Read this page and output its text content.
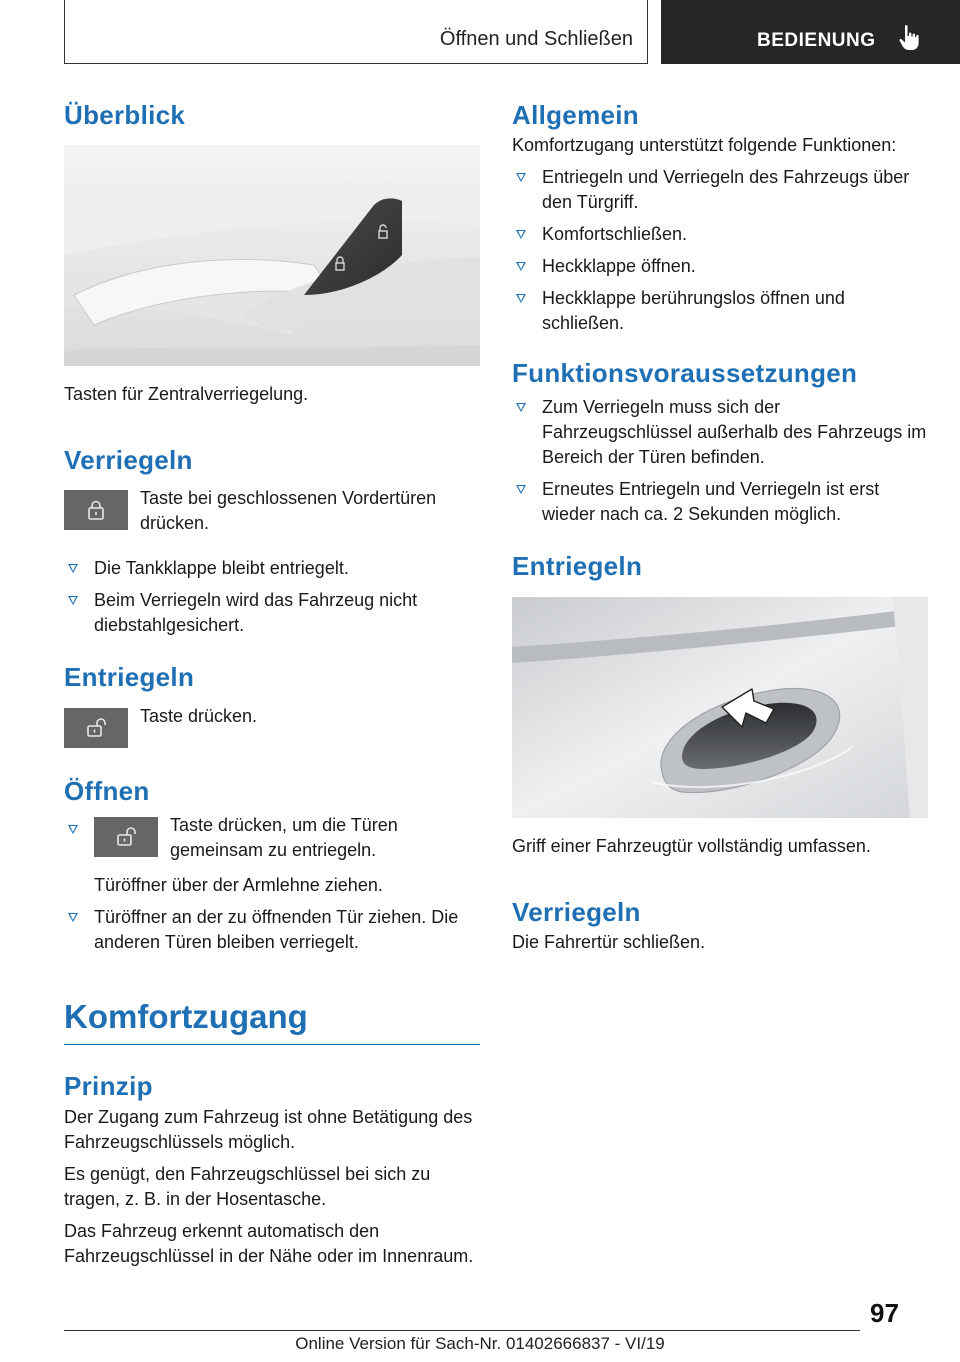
Öffnen und Schließen	BEDIENUNG
Überblick

Tasten für Zentralverriegelung.

Verriegeln

Taste bei geschlossenen Vordertüren drücken.

Die Tankklappe bleibt entriegelt.
Beim Verriegeln wird das Fahrzeug nicht diebstahlgesichert.
Entriegeln

Taste drücken.

Öffnen

Taste drücken, um die Türen gemeinsam zu entriegeln.

Türöffner über der Armlehne ziehen.

Türöffner an der zu öffnenden Tür ziehen. Die anderen Türen bleiben verriegelt.
Komfortzugang
Prinzip

Der Zugang zum Fahrzeug ist ohne Betätigung des Fahrzeugschlüssels möglich.

Es genügt, den Fahrzeugschlüssel bei sich zu tragen, z. B. in der Hosentasche.

Das Fahrzeug erkennt automatisch den Fahrzeugschlüssel in der Nähe oder im Innenraum.

Allgemein

Komfortzugang unterstützt folgende Funktionen:

Entriegeln und Verriegeln des Fahrzeugs über den Türgriff.
Komfortschließen.
Heckklappe öffnen.
Heckklappe berührungslos öffnen und schließen.
Funktionsvoraussetzungen
Zum Verriegeln muss sich der Fahrzeugschlüssel außerhalb des Fahrzeugs im Bereich der Türen befinden.
Erneutes Entriegeln und Verriegeln ist erst wieder nach ca. 2 Sekunden möglich.
Entriegeln

Griff einer Fahrzeugtür vollständig umfassen.

Verriegeln

Die Fahrertür schließen.

97
Online Version für Sach-Nr. 01402666837 - VI/19
